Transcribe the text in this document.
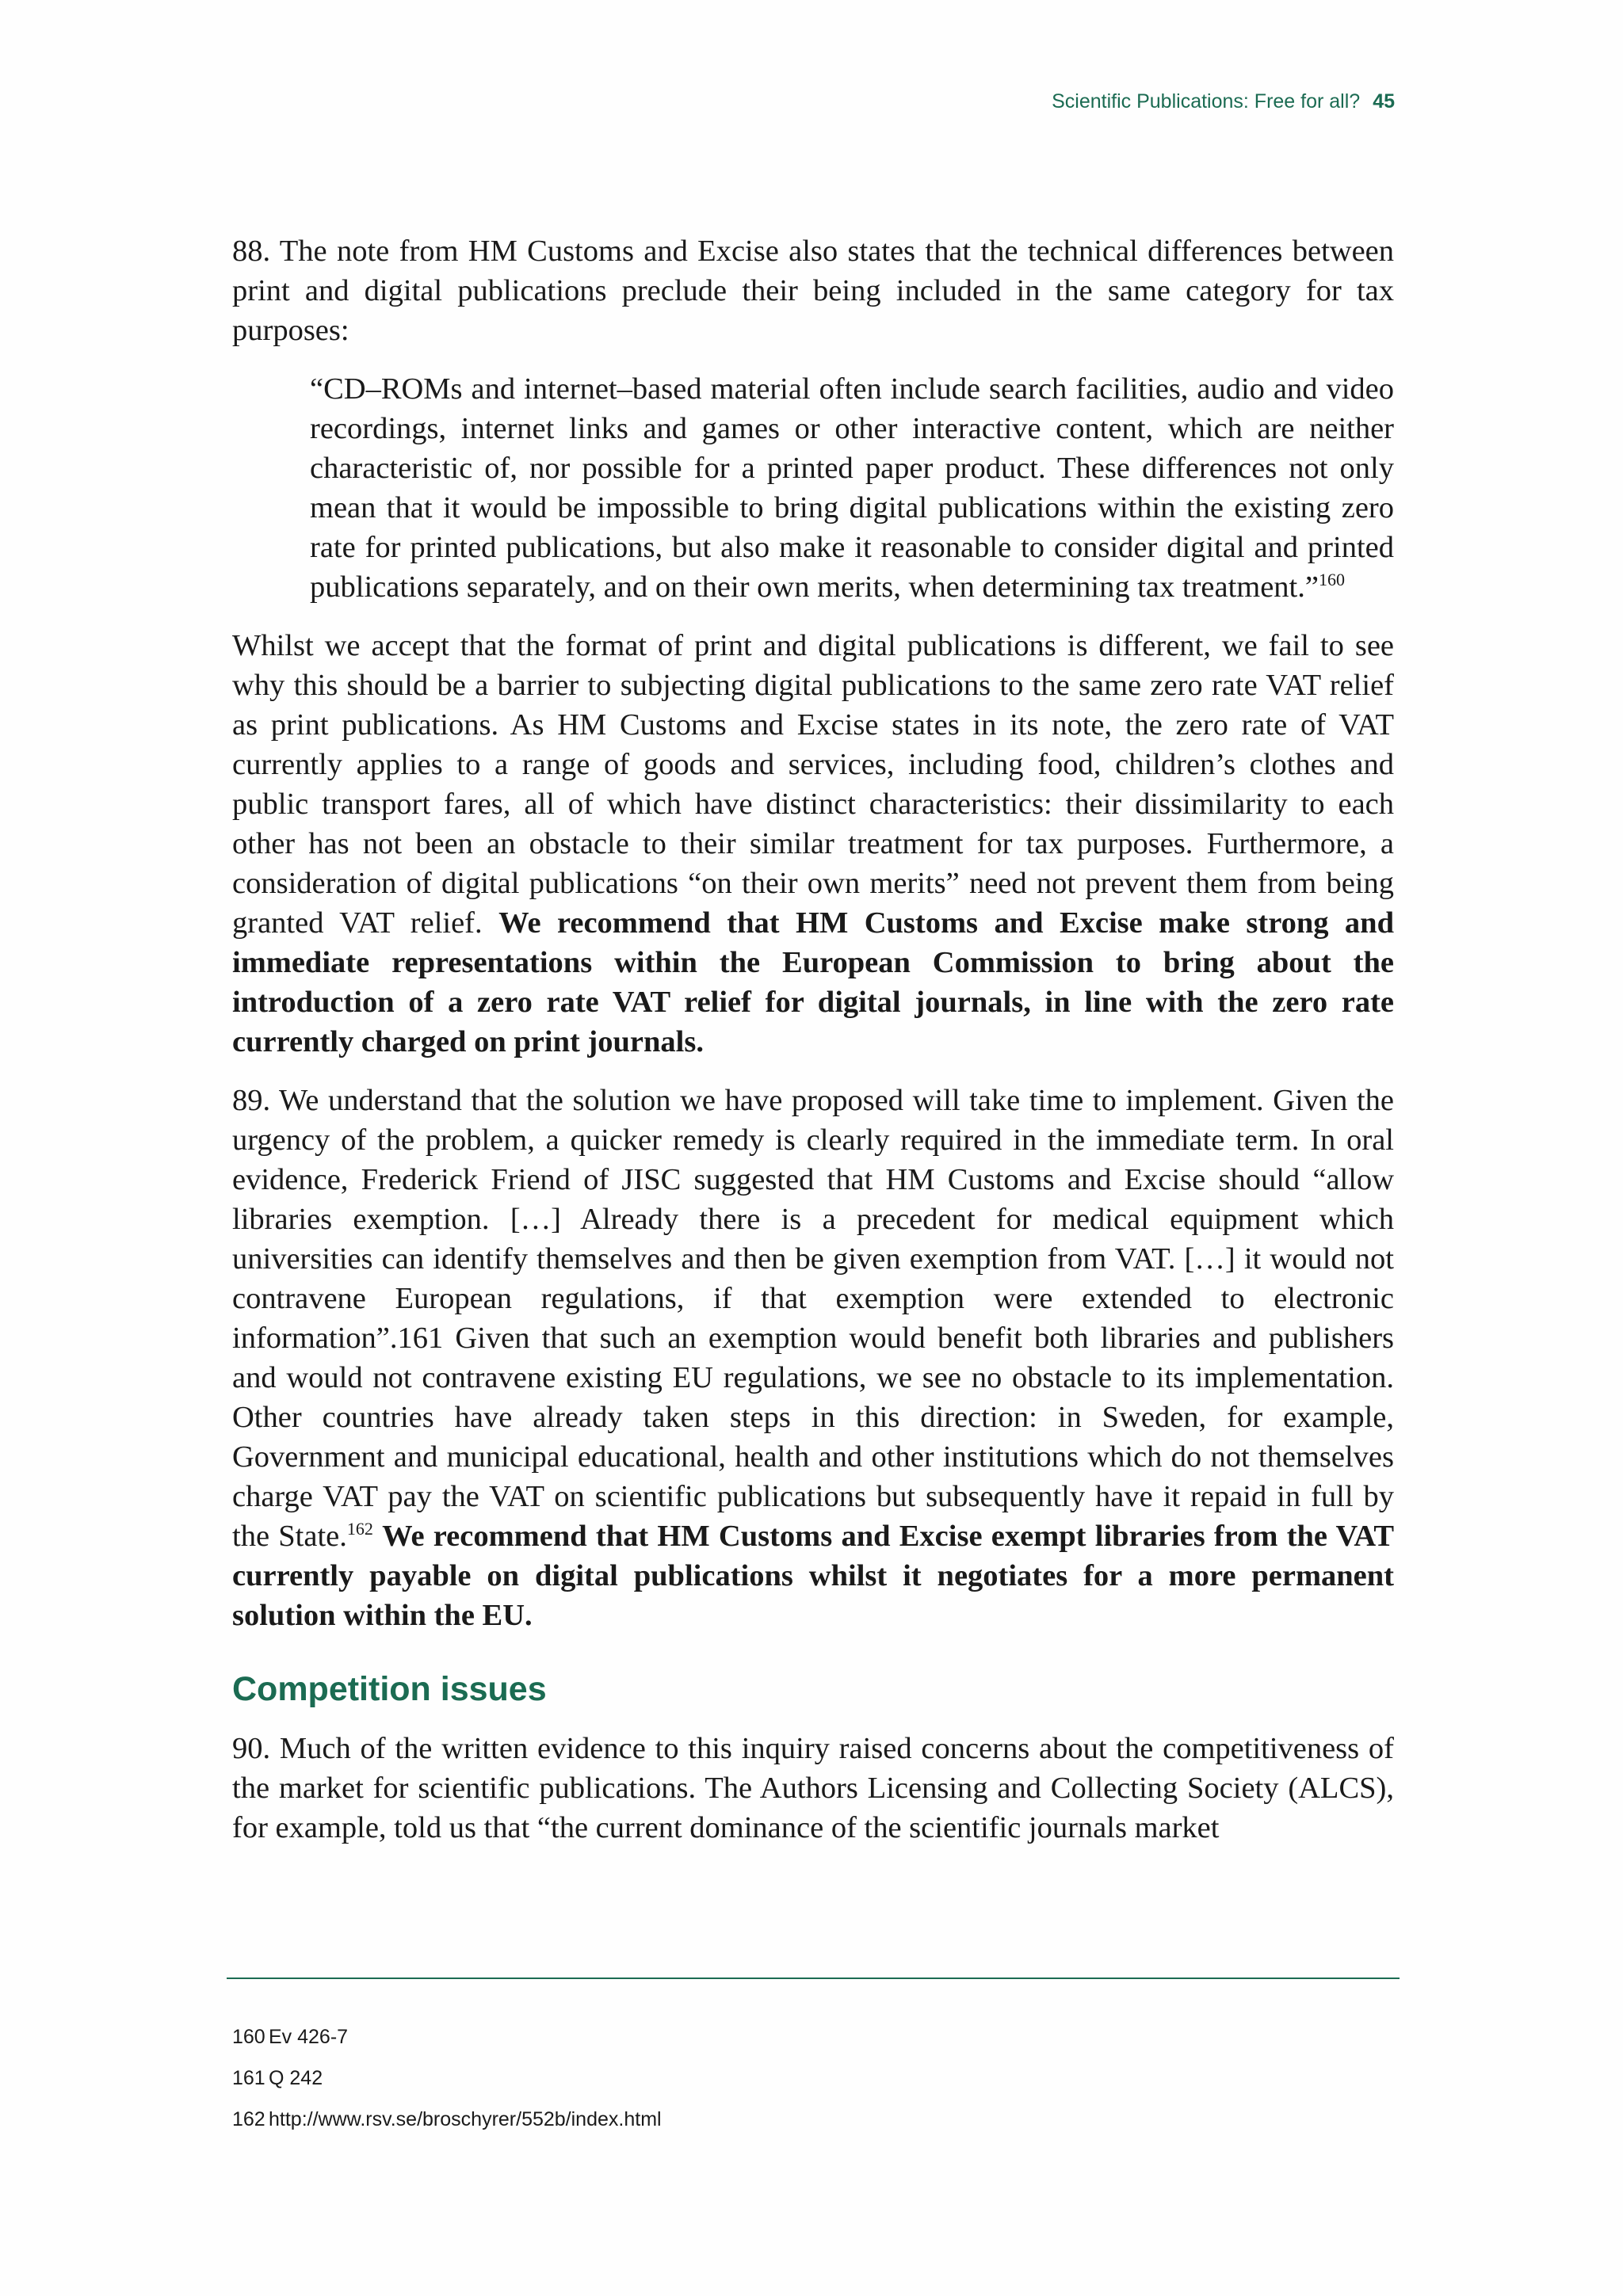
Scientific Publications: Free for all? 45

88. The note from HM Customs and Excise also states that the technical differences between print and digital publications preclude their being included in the same category for tax purposes:

“CD–ROMs and internet–based material often include search facilities, audio and video recordings, internet links and games or other interactive content, which are neither characteristic of, nor possible for a printed paper product. These differences not only mean that it would be impossible to bring digital publications within the existing zero rate for printed publications, but also make it reasonable to consider digital and printed publications separately, and on their own merits, when determining tax treatment.”$^{160}$

Whilst we accept that the format of print and digital publications is different, we fail to see why this should be a barrier to subjecting digital publications to the same zero rate VAT relief as print publications. As HM Customs and Excise states in its note, the zero rate of VAT currently applies to a range of goods and services, including food, children’s clothes and public transport fares, all of which have distinct characteristics: their dissimilarity to each other has not been an obstacle to their similar treatment for tax purposes. Furthermore, a consideration of digital publications “on their own merits” need not prevent them from being granted VAT relief. We recommend that HM Customs and Excise make strong and immediate representations within the European Commission to bring about the introduction of a zero rate VAT relief for digital journals, in line with the zero rate currently charged on print journals.

89. We understand that the solution we have proposed will take time to implement. Given the urgency of the problem, a quicker remedy is clearly required in the immediate term. In oral evidence, Frederick Friend of JISC suggested that HM Customs and Excise should “allow libraries exemption. […] Already there is a precedent for medical equipment which universities can identify themselves and then be given exemption from VAT. […] it would not contravene European regulations, if that exemption were extended to electronic information”.161 Given that such an exemption would benefit both libraries and publishers and would not contravene existing EU regulations, we see no obstacle to its implementation. Other countries have already taken steps in this direction: in Sweden, for example, Government and municipal educational, health and other institutions which do not themselves charge VAT pay the VAT on scientific publications but subsequently have it repaid in full by the State.$^{162}$ We recommend that HM Customs and Excise exempt libraries from the VAT currently payable on digital publications whilst it negotiates for a more permanent solution within the EU.

Competition issues

90. Much of the written evidence to this inquiry raised concerns about the competitiveness of the market for scientific publications. The Authors Licensing and Collecting Society (ALCS), for example, told us that “the current dominance of the scientific journals market

160 Ev 426-7
161 Q 242
162 http://www.rsv.se/broschyrer/552b/index.html
